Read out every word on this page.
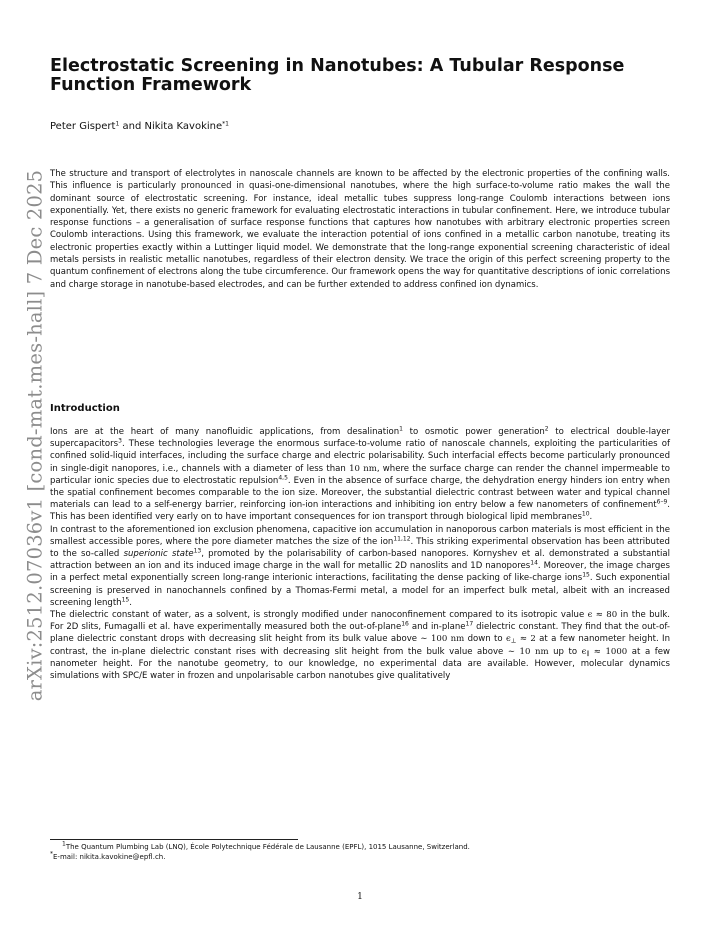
arXiv:2512.07036v1 [cond-mat.mes-hall] 7 Dec 2025
Electrostatic Screening in Nanotubes: A Tubular Response Function Framework
Peter Gispert$^1$ and Nikita Kavokine$^{*1}$

The structure and transport of electrolytes in nanoscale channels are known to be affected by the electronic properties of the confining walls. This influence is particularly pronounced in quasi-one-dimensional nanotubes, where the high surface-to-volume ratio makes the wall the dominant source of electrostatic screening. For instance, ideal metallic tubes suppress long-range Coulomb interactions between ions exponentially. Yet, there exists no generic framework for evaluating electrostatic interactions in tubular confinement. Here, we introduce tubular response functions – a generalisation of surface response functions that captures how nanotubes with arbitrary electronic properties screen Coulomb interactions. Using this framework, we evaluate the interaction potential of ions confined in a metallic carbon nanotube, treating its electronic properties exactly within a Luttinger liquid model. We demonstrate that the long-range exponential screening characteristic of ideal metals persists in realistic metallic nanotubes, regardless of their electron density. We trace the origin of this perfect screening property to the quantum confinement of electrons along the tube circumference. Our framework opens the way for quantitative descriptions of ionic correlations and charge storage in nanotube-based electrodes, and can be further extended to address confined ion dynamics.

Introduction

Ions are at the heart of many nanofluidic applications, from desalination$^1$ to osmotic power generation$^2$ to electrical double-layer supercapacitors$^3$. These technologies leverage the enormous surface-to-volume ratio of nanoscale channels, exploiting the particularities of confined solid-liquid interfaces, including the surface charge and electric polarisability. Such interfacial effects become particularly pronounced in single-digit nanopores, i.e., channels with a diameter of less than 10 nm, where the surface charge can render the channel impermeable to particular ionic species due to electrostatic repulsion$^{4,5}$. Even in the absence of surface charge, the dehydration energy hinders ion entry when the spatial confinement becomes comparable to the ion size. Moreover, the substantial dielectric contrast between water and typical channel materials can lead to a self-energy barrier, reinforcing ion-ion interactions and inhibiting ion entry below a few nanometers of confinement$^{6-9}$. This has been identified very early on to have important consequences for ion transport through biological lipid membranes$^{10}$.

In contrast to the aforementioned ion exclusion phenomena, capacitive ion accumulation in nanoporous carbon materials is most efficient in the smallest accessible pores, where the pore diameter matches the size of the ion$^{11,12}$. This striking experimental observation has been attributed to the so-called superionic state$^{13}$, promoted by the polarisability of carbon-based nanopores. Kornyshev et al. demonstrated a substantial attraction between an ion and its induced image charge in the wall for metallic 2D nanoslits and 1D nanopores$^{14}$. Moreover, the image charges in a perfect metal exponentially screen long-range interionic interactions, facilitating the dense packing of like-charge ions$^{15}$. Such exponential screening is preserved in nanochannels confined by a Thomas-Fermi metal, a model for an imperfect bulk metal, albeit with an increased screening length$^{15}$.

The dielectric constant of water, as a solvent, is strongly modified under nanoconfinement compared to its isotropic value ϵ ≈ 80 in the bulk. For 2D slits, Fumagalli et al. have experimentally measured both the out-of-plane$^{16}$ and in-plane$^{17}$ dielectric constant. They find that the out-of-plane dielectric constant drops with decreasing slit height from its bulk value above ∼ 100 nm down to $\epsilon_\perp \approx 2$ at a few nanometer height. In contrast, the in-plane dielectric constant rises with decreasing slit height from the bulk value above ∼ 10 nm up to $\epsilon_\parallel \approx 1000$ at a few nanometer height. For the nanotube geometry, to our knowledge, no experimental data are available. However, molecular dynamics simulations with SPC/E water in frozen and unpolarisable carbon nanotubes give qualitatively

$^1$The Quantum Plumbing Lab (LNQ), École Polytechnique Fédérale de Lausanne (EPFL), 1015 Lausanne, Switzerland.

*E-mail: nikita.kavokine@epfl.ch.

1
